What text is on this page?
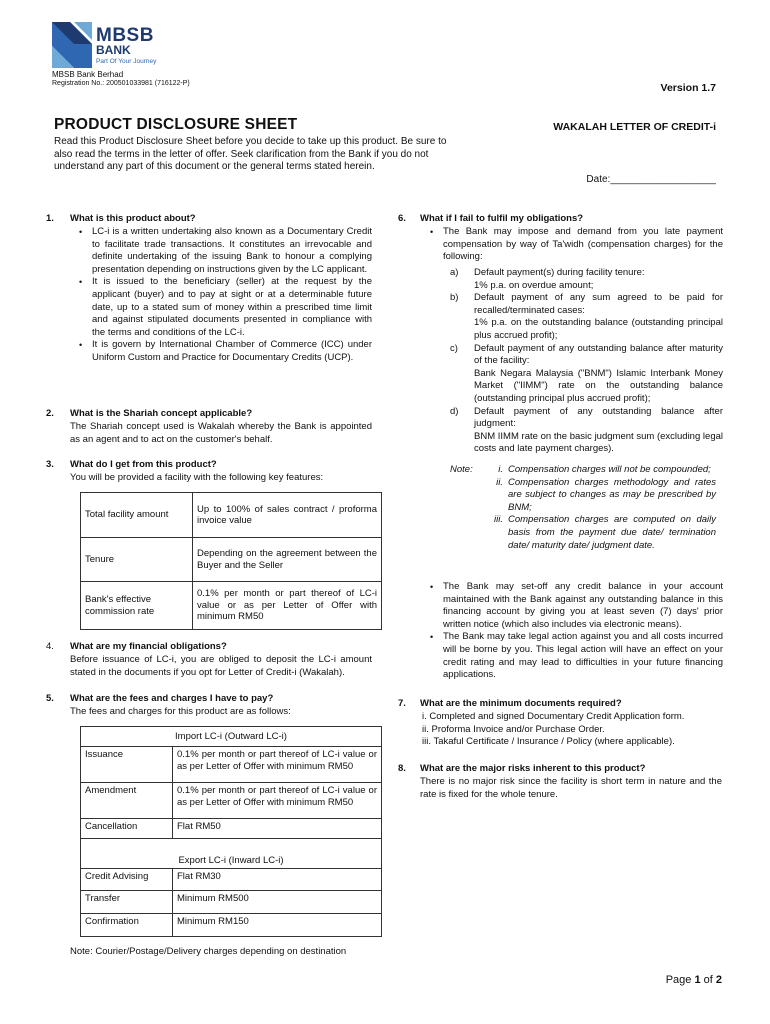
MBSB
BANK
Part Of Your Journey
MBSB Bank Berhad
Registration No.: 200501033981 (716122-P)	Version 1.7
PRODUCT DISCLOSURE SHEET	WAKALAH LETTER OF CREDIT-i
Read this Product Disclosure Sheet before you decide to take up this product. Be sure to also read the terms in the letter of offer. Seek clarification from the Bank if you do not understand any part of this document or the general terms stated herein.
Date:___________________
1. What is this product about?
• LC-i is a written undertaking also known as a Documentary Credit to facilitate trade transactions. It constitutes an irrevocable and definite undertaking of the issuing Bank to honour a complying presentation depending on instructions given by the LC applicant.
• It is issued to the beneficiary (seller) at the request by the applicant (buyer) and to pay at sight or at a determinable future date, up to a stated sum of money within a prescribed time limit and against stipulated documents presented in compliance with the terms and conditions of the LC-i.
• It is govern by International Chamber of Commerce (ICC) under Uniform Custom and Practice for Documentary Credits (UCP).
2. What is the Shariah concept applicable?
The Shariah concept used is Wakalah whereby the Bank is appointed as an agent and to act on the customer's behalf.
3. What do I get from this product?
You will be provided a facility with the following key features:
Total facility amount	Up to 100% of sales contract / proforma invoice value
Tenure	Depending on the agreement between the Buyer and the Seller
Bank's effective commission rate	0.1% per month or part thereof of LC-i value or as per Letter of Offer with minimum RM50
4. What are my financial obligations?
Before issuance of LC-i, you are obliged to deposit the LC-i amount stated in the documents if you opt for Letter of Credit-i (Wakalah).
5. What are the fees and charges I have to pay?
The fees and charges for this product are as follows:
Import LC-i (Outward LC-i)	
Issuance	0.1% per month or part thereof of LC-i value or as per Letter of Offer with minimum RM50
Amendment	0.1% per month or part thereof of LC-i value or as per Letter of Offer with minimum RM50
Cancellation	Flat RM50
Export LC-i (Inward LC-i)	
Credit Advising	Flat RM30
Transfer	Minimum RM500
Confirmation	Minimum RM150
Note: Courier/Postage/Delivery charges depending on destination
6. What if I fail to fulfil my obligations?
• The Bank may impose and demand from you late payment compensation by way of Ta'widh (compensation charges) for the following:
a)	Default payment(s) during facility tenure:
1% p.a. on overdue amount;
b)	Default payment of any sum agreed to be paid for recalled/terminated cases:
1% p.a. on the outstanding balance (outstanding principal plus accrued profit);
c)	Default payment of any outstanding balance after maturity of the facility:
Bank Negara Malaysia ("BNM") Islamic Interbank Money Market ("IIMM") rate on the outstanding balance (outstanding principal plus accrued profit);
d)	Default payment of any outstanding balance after judgment:
BNM IIMM rate on the basic judgment sum (excluding legal costs and late payment charges).
Note:	i. Compensation charges will not be compounded;
ii. Compensation charges methodology and rates are subject to changes as may be prescribed by BNM;
iii. Compensation charges are computed on daily basis from the payment due date/ termination date/ maturity date/ judgment date.
• The Bank may set-off any credit balance in your account maintained with the Bank against any outstanding balance in this financing account by giving you at least seven (7) days' prior written notice (which also includes via electronic means).
• The Bank may take legal action against you and all costs incurred will be borne by you. This legal action will have an effect on your credit rating and may lead to difficulties in your future financing applications.
7. What are the minimum documents required?
i. Completed and signed Documentary Credit Application form.
ii. Proforma Invoice and/or Purchase Order.
iii. Takaful Certificate / Insurance / Policy (where applicable).
8. What are the major risks inherent to this product?
There is no major risk since the facility is short term in nature and the rate is fixed for the whole tenure.
Page 1 of 2
